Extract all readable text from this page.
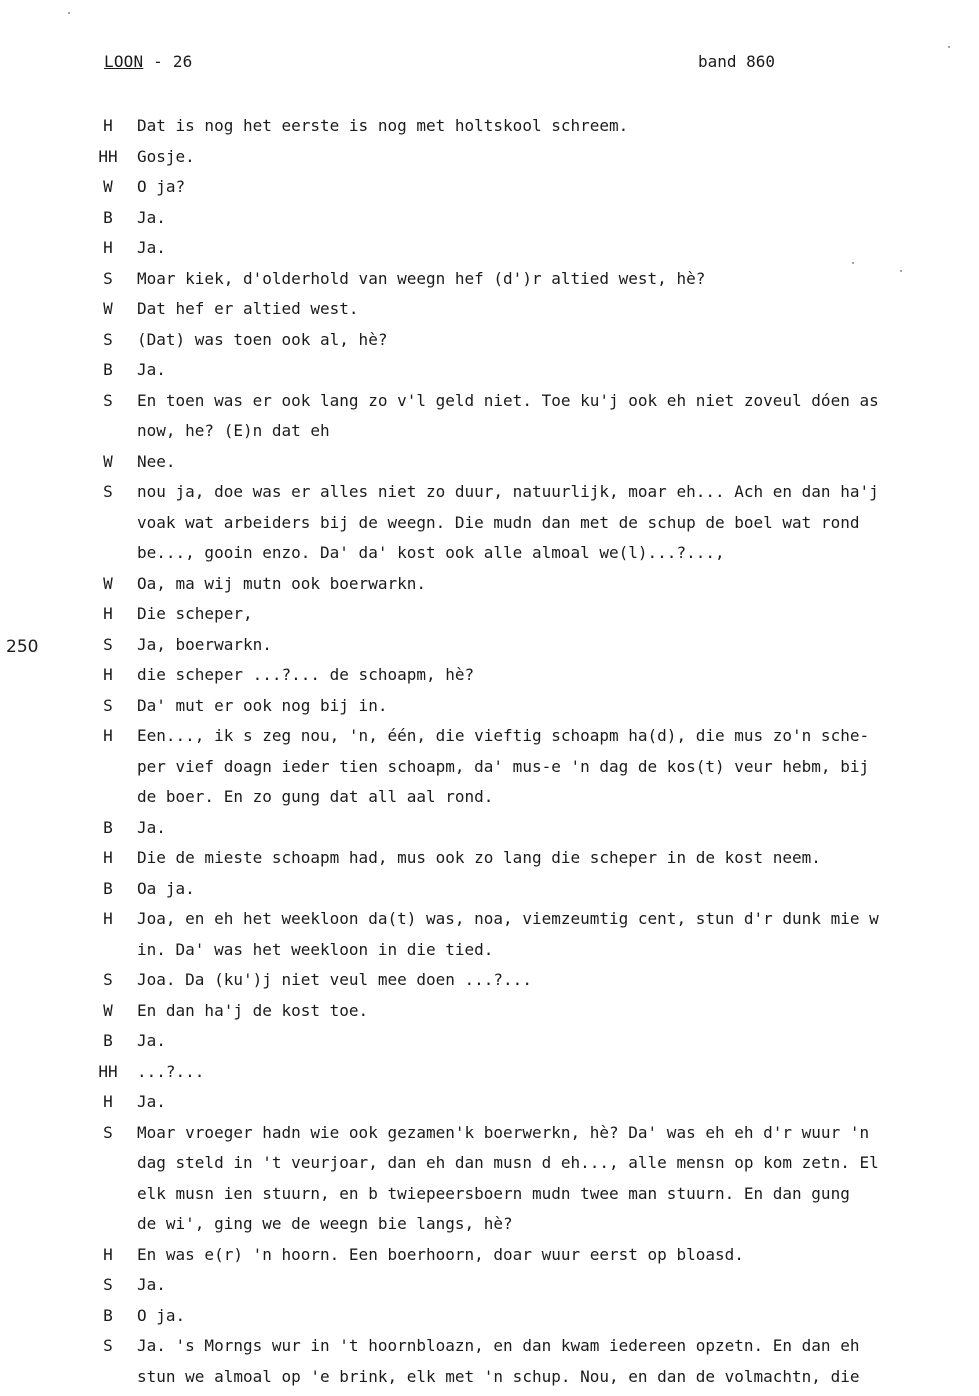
LOON - 26	band 860
250
H	Dat is nog het eerste is nog met holtskool schreem.
HH	Gosje.
W	O ja?
B	Ja.
H	Ja.
S	Moar kiek, d'olderhold van weegn hef (d')r altied west, hè?
W	Dat hef er altied west.
S	(Dat) was toen ook al, hè?
B	Ja.
S	En toen was er ook lang zo v'l geld niet. Toe ku'j ook eh niet zoveul dóen as
now, he? (E)n dat eh
W	Nee.
S	nou ja, doe was er alles niet zo duur, natuurlijk, moar eh... Ach en dan ha'j
voak wat arbeiders bij de weegn. Die mudn dan met de schup de boel wat rond
be..., gooin enzo. Da' da' kost ook alle almoal we(l)...?...,
W	Oa, ma wij mutn ook boerwarkn.
H	Die scheper,
S	Ja, boerwarkn.
H	die scheper ...?... de schoapm, hè?
S	Da' mut er ook nog bij in.
H	Een..., ik s zeg nou, 'n, één, die vieftig schoapm ha(d), die mus zo'n sche-
per vief doagn ieder tien schoapm, da' mus-e 'n dag de kos(t) veur hebm, bij
de boer. En zo gung dat all aal rond.
B	Ja.
H	Die de mieste schoapm had, mus ook zo lang die scheper in de kost neem.
B	Oa ja.
H	Joa, en eh het weekloon da(t) was, noa, viemzeumtig cent, stun d'r dunk mie w
in. Da' was het weekloon in die tied.
S	Joa. Da (ku')j niet veul mee doen ...?...
W	En dan ha'j de kost toe.
B	Ja.
HH	...?...
H	Ja.
S	Moar vroeger hadn wie ook gezamen'k boerwerkn, hè? Da' was eh eh d'r wuur 'n
dag steld in 't veurjoar, dan eh dan musn d eh..., alle mensn op kom zetn. El
elk musn ien stuurn, en b twiepeersboern mudn twee man stuurn. En dan gung
de wi', ging we de weegn bie langs, hè?
H	En was e(r) 'n hoorn. Een boerhoorn, doar wuur eerst op bloasd.
S	Ja.
B	O ja.
S	Ja. 's Morngs wur in 't hoornbloazn, en dan kwam iedereen opzetn. En dan eh
stun we almoal op 'e brink, elk met 'n schup. Nou, en dan de volmachtn, die
